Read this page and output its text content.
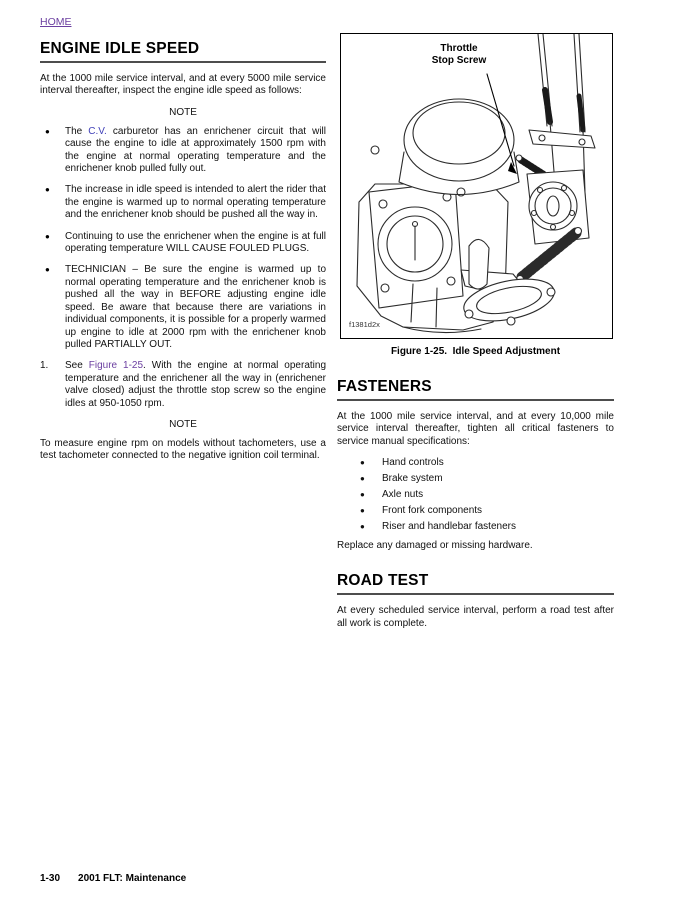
HOME
ENGINE IDLE SPEED

At the 1000 mile service interval, and at every 5000 mile service interval thereafter, inspect the engine idle speed as follows:

NOTE
●	The C.V. carburetor has an enrichener circuit that will cause the engine to idle at approximately 1500 rpm with the engine at normal operating temperature and the enrichener knob pulled fully out.
●	The increase in idle speed is intended to alert the rider that the engine is warmed up to normal operating temperature and the enrichener knob should be pushed all the way in.
●	Continuing to use the enrichener when the engine is at full operating temperature WILL CAUSE FOULED PLUGS.
●	TECHNICIAN – Be sure the engine is warmed up to normal operating temperature and the enrichener knob is pushed all the way in BEFORE adjusting engine idle speed. Be aware that because there are variations in individual components, it is possible for a properly warmed up engine to idle at 2000 rpm with the enrichener knob pulled PARTIALLY OUT.
1.	See Figure 1-25. With the engine at normal operating temperature and the enrichener all the way in (enrichener valve closed) adjust the throttle stop screw so the engine idles at 950-1050 rpm.
NOTE

To measure engine rpm on models without tachometers, use a test tachometer connected to the negative ignition coil terminal.

Throttle
Stop Screw
f1381d2x
Figure 1-25.  Idle Speed Adjustment
FASTENERS

At the 1000 mile service interval, and at every 10,000 mile service interval thereafter, tighten all critical fasteners to service manual specifications:

●	Hand controls
●	Brake system
●	Axle nuts
●	Front fork components
●	Riser and handlebar fasteners

Replace any damaged or missing hardware.

ROAD TEST

At every scheduled service interval, perform a road test after all work is complete.

1-30 2001 FLT: Maintenance
